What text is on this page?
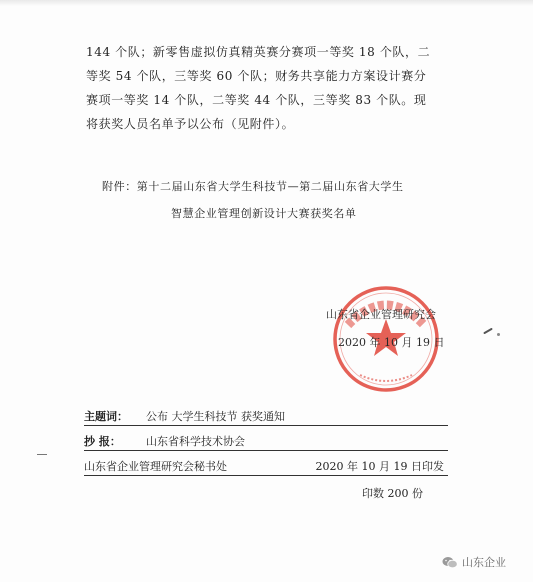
144 个队；新零售虚拟仿真精英赛分赛项一等奖 18 个队，二

等奖 54 个队，三等奖 60 个队；财务共享能力方案设计赛分

赛项一等奖 14 个队，二等奖 44 个队，三等奖 83 个队。现

将获奖人员名单予以公布（见附件）。

附件：第十二届山东省大学生科技节—第二届山东省大学生
智慧企业管理创新设计大赛获奖名单
山东省企业管理研究会
2020 年 10 月 19 日
主题词： 公布 大学生科技节 获奖通知
抄 报： 山东省科学技术协会
山东省企业管理研究会秘书处	2020 年 10 月 19 日印发
印数 200 份
山东企业
